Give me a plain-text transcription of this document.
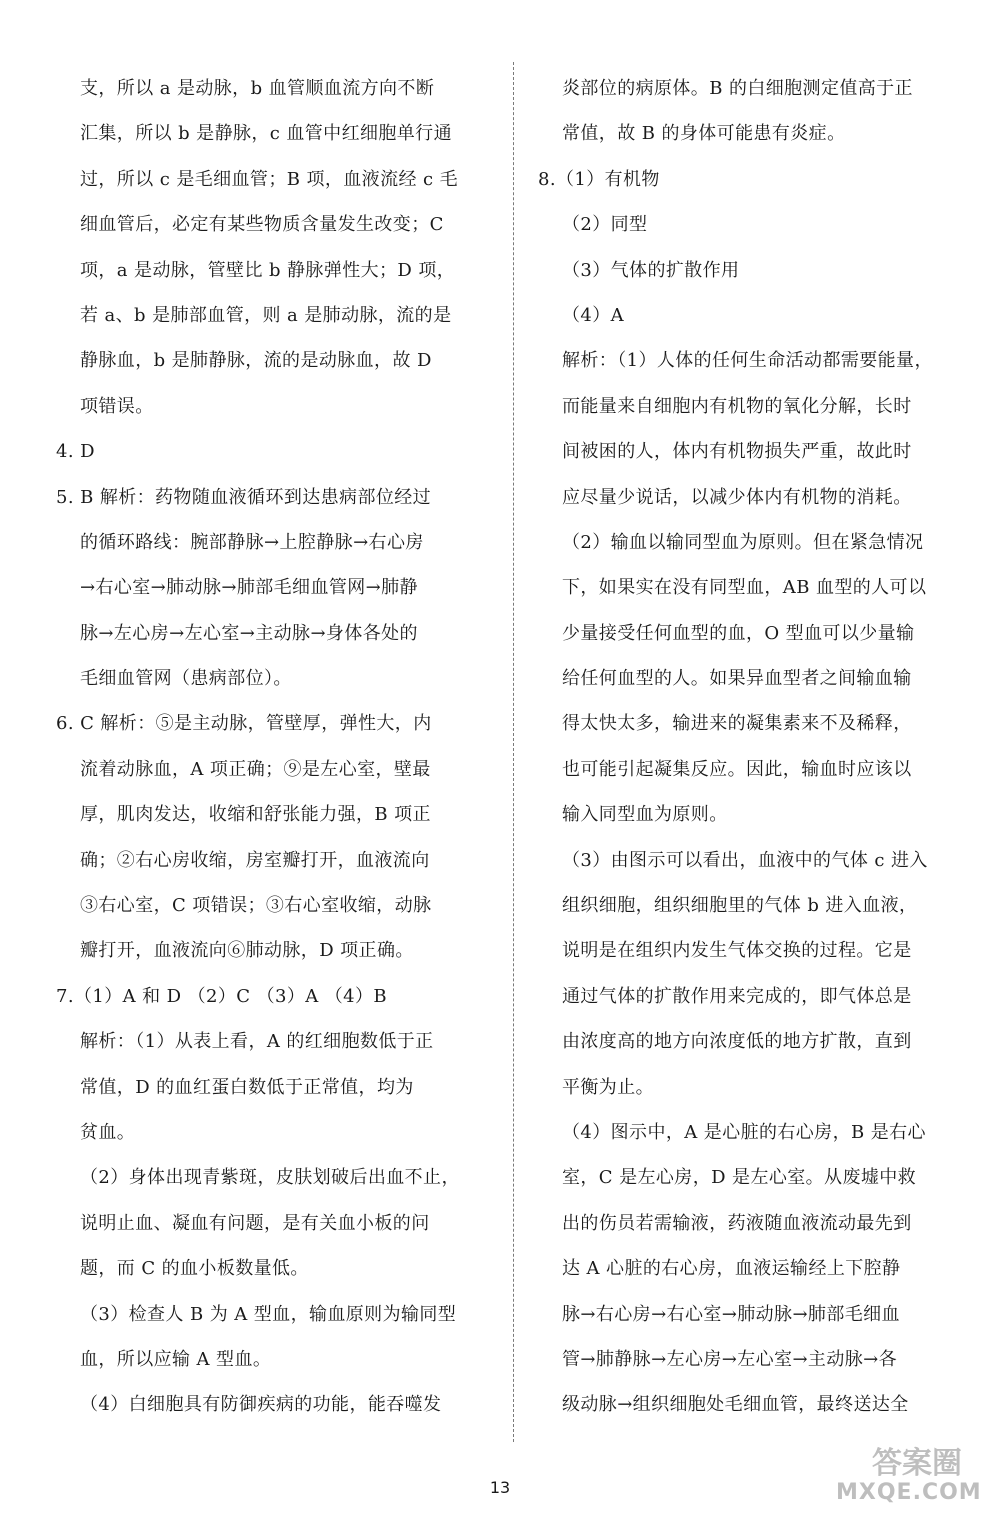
支，所以 a 是动脉，b 血管顺血流方向不断
汇集，所以 b 是静脉，c 血管中红细胞单行通
过，所以 c 是毛细血管；B 项，血液流经 c 毛
细血管后，必定有某些物质含量发生改变；C
项，a 是动脉，管壁比 b 静脉弹性大；D 项，
若 a、b 是肺部血管，则 a 是肺动脉，流的是
静脉血，b 是肺静脉，流的是动脉血，故 D
项错误。
4. D
5. B 解析：药物随血液循环到达患病部位经过
的循环路线：腕部静脉→上腔静脉→右心房
→右心室→肺动脉→肺部毛细血管网→肺静
脉→左心房→左心室→主动脉→身体各处的
毛细血管网（患病部位）。
6. C 解析：⑤是主动脉，管壁厚，弹性大，内
流着动脉血，A 项正确；⑨是左心室，壁最
厚，肌肉发达，收缩和舒张能力强，B 项正
确；②右心房收缩，房室瓣打开，血液流向
③右心室，C 项错误；③右心室收缩，动脉
瓣打开，血液流向⑥肺动脉，D 项正确。
7.（1）A 和 D （2）C （3）A （4）B
解析：（1）从表上看，A 的红细胞数低于正
常值，D 的血红蛋白数低于正常值，均为
贫血。
（2）身体出现青紫斑，皮肤划破后出血不止，
说明止血、凝血有问题，是有关血小板的问
题，而 C 的血小板数量低。
（3）检查人 B 为 A 型血，输血原则为输同型
血，所以应输 A 型血。
（4）白细胞具有防御疾病的功能，能吞噬发
炎部位的病原体。B 的白细胞测定值高于正
常值，故 B 的身体可能患有炎症。
8.（1）有机物
（2）同型
（3）气体的扩散作用
（4）A
解析：（1）人体的任何生命活动都需要能量，
而能量来自细胞内有机物的氧化分解，长时
间被困的人，体内有机物损失严重，故此时
应尽量少说话，以减少体内有机物的消耗。
（2）输血以输同型血为原则。但在紧急情况
下，如果实在没有同型血，AB 血型的人可以
少量接受任何血型的血，O 型血可以少量输
给任何血型的人。如果异血型者之间输血输
得太快太多，输进来的凝集素来不及稀释，
也可能引起凝集反应。因此，输血时应该以
输入同型血为原则。
（3）由图示可以看出，血液中的气体 c 进入
组织细胞，组织细胞里的气体 b 进入血液，
说明是在组织内发生气体交换的过程。它是
通过气体的扩散作用来完成的，即气体总是
由浓度高的地方向浓度低的地方扩散，直到
平衡为止。
（4）图示中，A 是心脏的右心房，B 是右心
室，C 是左心房，D 是左心室。从废墟中救
出的伤员若需输液，药液随血液流动最先到
达 A 心脏的右心房，血液运输经上下腔静
脉→右心房→右心室→肺动脉→肺部毛细血
管→肺静脉→左心房→左心室→主动脉→各
级动脉→组织细胞处毛细血管，最终送达全
13
答案圈
MXQE.COM
